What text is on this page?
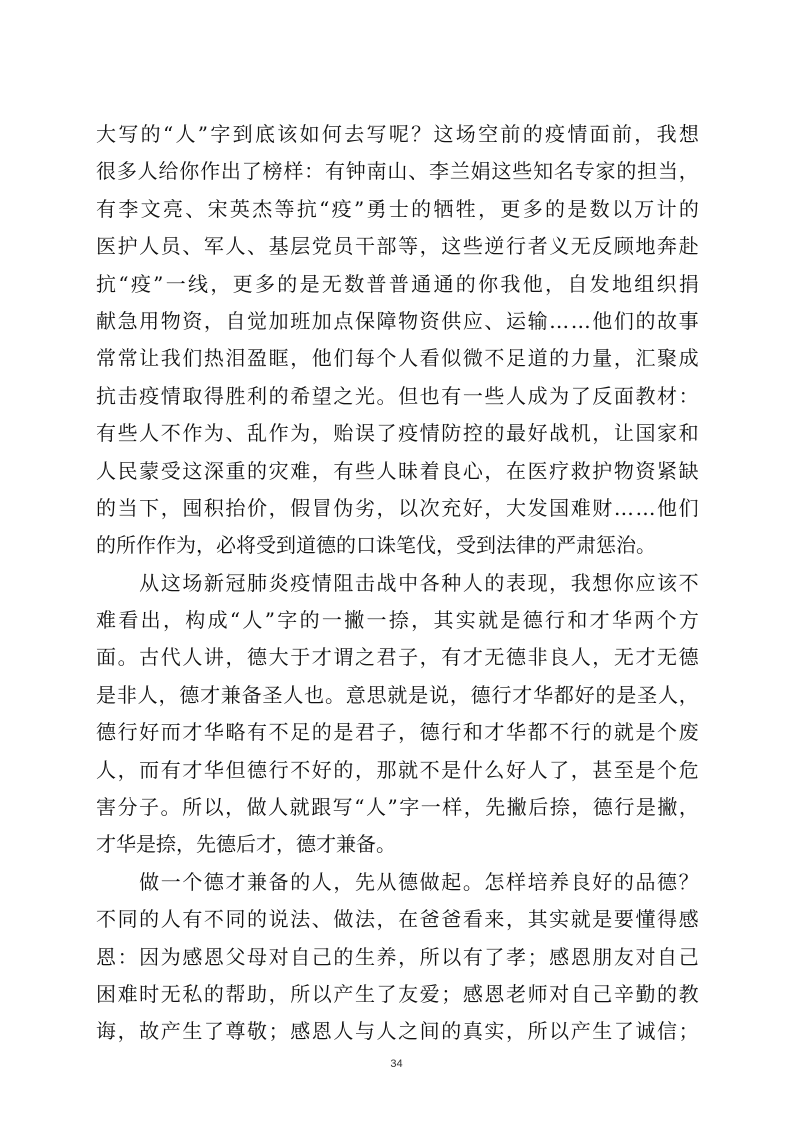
大 写 的 “ 人 ” 字 到 底 该 如 何 去 写 呢 ？ 这 场 空 前 的 疫 情 面 前 ， 我 想
很 多 人 给 你 作 出 了 榜 样 ： 有 钟 南 山 、 李 兰 娟 这 些 知 名 专 家 的 担 当 ，
有 李 文 亮 、 宋 英 杰 等 抗 “ 疫 ” 勇 士 的 牺 牲 ， 更 多 的 是 数 以 万 计 的
医 护 人 员 、 军 人 、 基 层 党 员 干 部 等 ， 这 些 逆 行 者 义 无 反 顾 地 奔 赴
抗 “ 疫 ” 一 线 ， 更 多 的 是 无 数 普 普 通 通 的 你 我 他 ， 自 发 地 组 织 捐
献 急 用 物 资 ， 自 觉 加 班 加 点 保 障 物 资 供 应 、 运 输 … … 他 们 的 故 事
常 常 让 我 们 热 泪 盈 眶 ， 他 们 每 个 人 看 似 微 不 足 道 的 力 量 ， 汇 聚 成
抗 击 疫 情 取 得 胜 利 的 希 望 之 光 。 但 也 有 一 些 人 成 为 了 反 面 教 材 ：
有 些 人 不 作 为 、 乱 作 为 ， 贻 误 了 疫 情 防 控 的 最 好 战 机 ， 让 国 家 和
人 民 蒙 受 这 深 重 的 灾 难 ， 有 些 人 昧 着 良 心 ， 在 医 疗 救 护 物 资 紧 缺
的 当 下 ， 囤 积 抬 价 ， 假 冒 伪 劣 ， 以 次 充 好 ， 大 发 国 难 财 … … 他 们
的所作作为，必将受到道德的口诛笔伐，受到法律的严肃惩治。

从 这 场 新 冠 肺 炎 疫 情 阻 击 战 中 各 种 人 的 表 现 ， 我 想 你 应 该 不
难 看 出 ， 构 成 “ 人 ” 字 的 一 撇 一 捺 ， 其 实 就 是 德 行 和 才 华 两 个 方
面 。 古 代 人 讲 ， 德 大 于 才 谓 之 君 子 ， 有 才 无 德 非 良 人 ， 无 才 无 德
是 非 人 ， 德 才 兼 备 圣 人 也 。 意 思 就 是 说 ， 德 行 才 华 都 好 的 是 圣 人 ，
德 行 好 而 才 华 略 有 不 足 的 是 君 子 ， 德 行 和 才 华 都 不 行 的 就 是 个 废
人 ， 而 有 才 华 但 德 行 不 好 的 ， 那 就 不 是 什 么 好 人 了 ， 甚 至 是 个 危
害 分 子 。 所 以 ， 做 人 就 跟 写 “ 人 ” 字 一 样 ， 先 撇 后 捺 ， 德 行 是 撇 ，
才华是捺，先德后才，德才兼备。

做 一 个 德 才 兼 备 的 人 ， 先 从 德 做 起 。 怎 样 培 养 良 好 的 品 德 ？
不 同 的 人 有 不 同 的 说 法 、 做 法 ， 在 爸 爸 看 来 ， 其 实 就 是 要 懂 得 感
恩 ： 因 为 感 恩 父 母 对 自 己 的 生 养 ， 所 以 有 了 孝 ； 感 恩 朋 友 对 自 己
困 难 时 无 私 的 帮 助 ， 所 以 产 生 了 友 爱 ； 感 恩 老 师 对 自 己 辛 勤 的 教
诲 ， 故 产 生 了 尊 敬 ； 感 恩 人 与 人 之 间 的 真 实 ， 所 以 产 生 了 诚 信 ；
34
